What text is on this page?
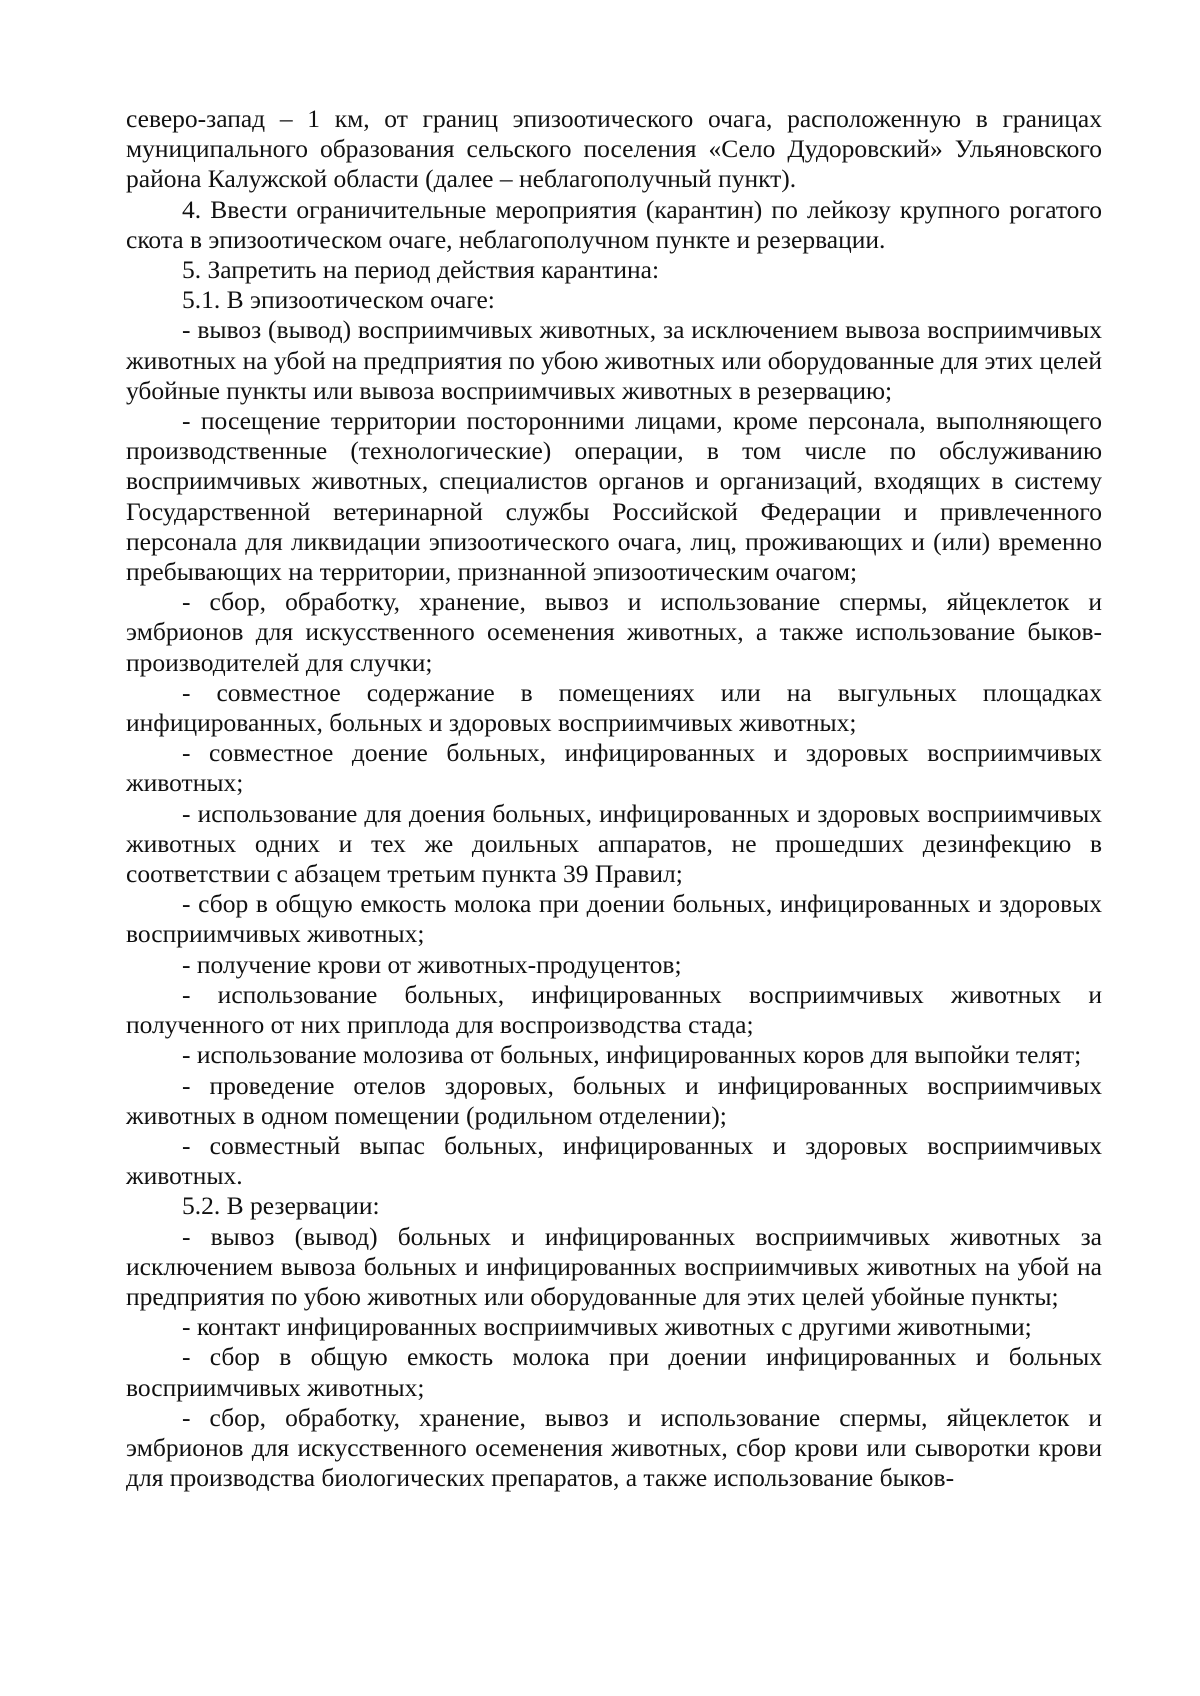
северо-запад – 1 км, от границ эпизоотического очага, расположенную в границах муниципального образования сельского поселения «Село Дудоровский» Ульяновского района Калужской области (далее – неблагополучный пункт).

4. Ввести ограничительные мероприятия (карантин) по лейкозу крупного рогатого скота в эпизоотическом очаге, неблагополучном пункте и резервации.

5. Запретить на период действия карантина:

5.1. В эпизоотическом очаге:

- вывоз (вывод) восприимчивых животных, за исключением вывоза восприимчивых животных на убой на предприятия по убою животных или оборудованные для этих целей убойные пункты или вывоза восприимчивых животных в резервацию;

- посещение территории посторонними лицами, кроме персонала, выполняющего производственные (технологические) операции, в том числе по обслуживанию восприимчивых животных, специалистов органов и организаций, входящих в систему Государственной ветеринарной службы Российской Федерации и привлеченного персонала для ликвидации эпизоотического очага, лиц, проживающих и (или) временно пребывающих на территории, признанной эпизоотическим очагом;

- сбор, обработку, хранение, вывоз и использование спермы, яйцеклеток и эмбрионов для искусственного осеменения животных, а также использование быков-производителей для случки;

- совместное содержание в помещениях или на выгульных площадках инфицированных, больных и здоровых восприимчивых животных;

- совместное доение больных, инфицированных и здоровых восприимчивых животных;

- использование для доения больных, инфицированных и здоровых восприимчивых животных одних и тех же доильных аппаратов, не прошедших дезинфекцию в соответствии с абзацем третьим пункта 39 Правил;

- сбор в общую емкость молока при доении больных, инфицированных и здоровых восприимчивых животных;

- получение крови от животных-продуцентов;

- использование больных, инфицированных восприимчивых животных и полученного от них приплода для воспроизводства стада;

- использование молозива от больных, инфицированных коров для выпойки телят;

- проведение отелов здоровых, больных и инфицированных восприимчивых животных в одном помещении (родильном отделении);

- совместный выпас больных, инфицированных и здоровых восприимчивых животных.

5.2. В резервации:

- вывоз (вывод) больных и инфицированных восприимчивых животных за исключением вывоза больных и инфицированных восприимчивых животных на убой на предприятия по убою животных или оборудованные для этих целей убойные пункты;

- контакт инфицированных восприимчивых животных с другими животными;

- сбор в общую емкость молока при доении инфицированных и больных восприимчивых животных;

- сбор, обработку, хранение, вывоз и использование спермы, яйцеклеток и эмбрионов для искусственного осеменения животных, сбор крови или сыворотки крови для производства биологических препаратов, а также использование быков-
